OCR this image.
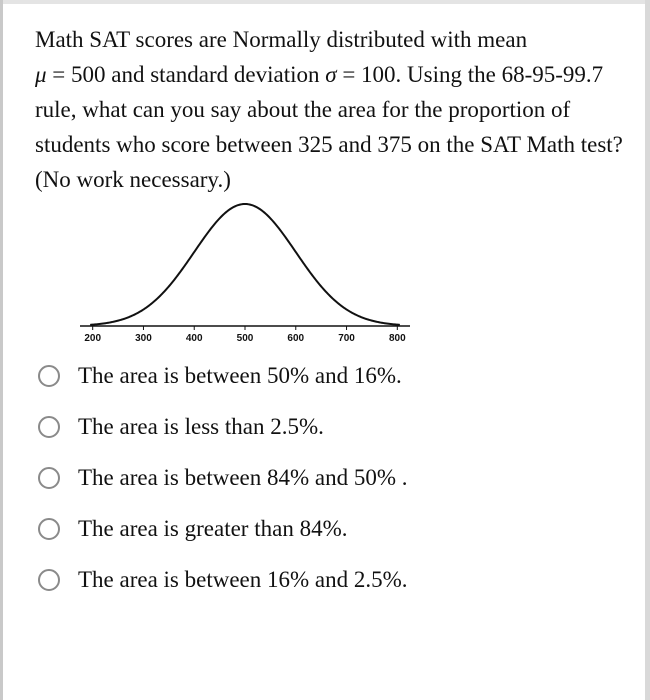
Math SAT scores are Normally distributed with mean
μ = 500 and standard deviation σ = 100. Using the 68-95-99.7 rule, what can you say about the area for the proportion of students who score between 325 and 375 on the SAT Math test? (No work necessary.)

200	300	400	500	600	700	800
The area is between 50% and 16%.
The area is less than 2.5%.
The area is between 84% and 50% .
The area is greater than 84%.
The area is between 16% and 2.5%.
